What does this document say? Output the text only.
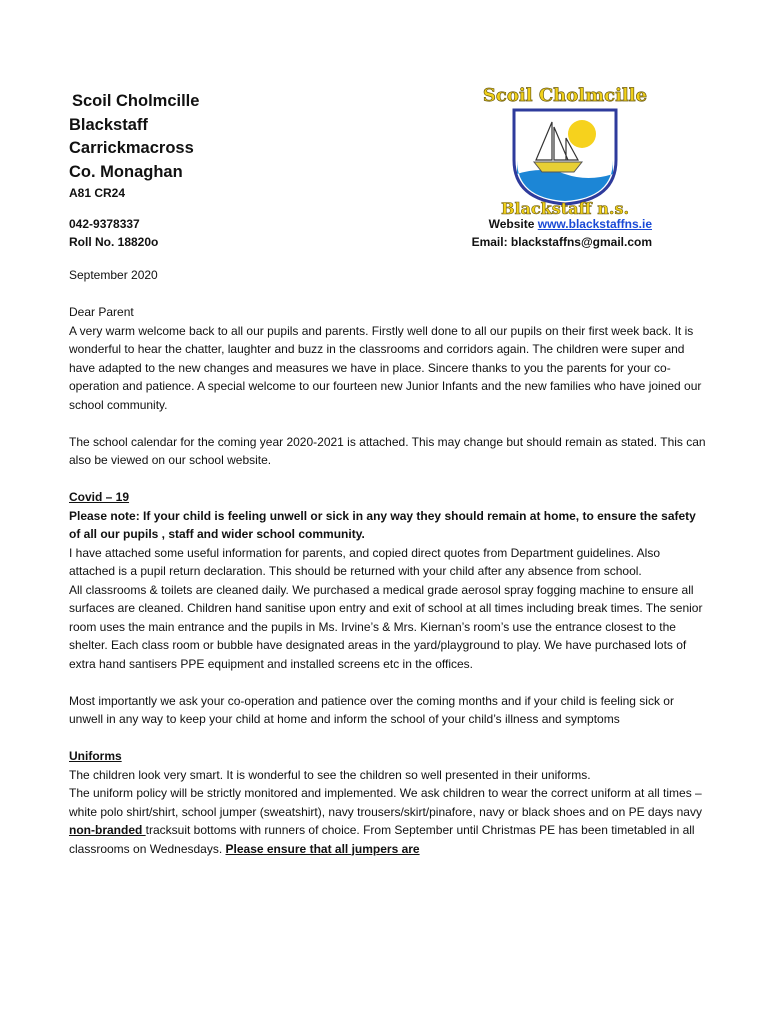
Scoil Cholmcille
Blackstaff
Carrickmacross
Co. Monaghan
A81 CR24
042-9378337
Roll No. 18820o
Website www.blackstaffns.ie
Email: blackstaffns@gmail.com
Scoil Cholmcille
Blackstaff n.s.

September 2020

Dear Parent

A very warm welcome back to all our pupils and parents. Firstly well done to all our pupils on their first week back. It is wonderful to hear the chatter, laughter and buzz in the classrooms and corridors again. The children were super and have adapted to the new changes and measures we have in place. Sincere thanks to you the parents for your co-operation and patience. A special welcome to our fourteen new Junior Infants and the new families who have joined our school community.

The school calendar for the coming year 2020-2021 is attached. This may change but should remain as stated. This can also be viewed on our school website.

Covid – 19

Please note: If your child is feeling unwell or sick in any way they should remain at home, to ensure the safety of all our pupils , staff and wider school community.

I have attached some useful information for parents, and copied direct quotes from Department guidelines. Also attached is a pupil return declaration. This should be returned with your child after any absence from school.

All classrooms & toilets are cleaned daily. We purchased a medical grade aerosol spray fogging machine to ensure all surfaces are cleaned. Children hand sanitise upon entry and exit of school at all times including break times. The senior room uses the main entrance and the pupils in Ms. Irvine’s & Mrs. Kiernan’s room’s use the entrance closest to the shelter. Each class room or bubble have designated areas in the yard/playground to play. We have purchased lots of extra hand santisers PPE equipment and installed screens etc in the offices.

Most importantly we ask your co-operation and patience over the coming months and if your child is feeling sick or unwell in any way to keep your child at home and inform the school of your child’s illness and symptoms

Uniforms

The children look very smart. It is wonderful to see the children so well presented in their uniforms.

The uniform policy will be strictly monitored and implemented. We ask children to wear the correct uniform at all times –white polo shirt/shirt, school jumper (sweatshirt), navy trousers/skirt/pinafore, navy or black shoes and on PE days navy non-branded tracksuit bottoms with runners of choice. From September until Christmas PE has been timetabled in all classrooms on Wednesdays. Please ensure that all jumpers are
